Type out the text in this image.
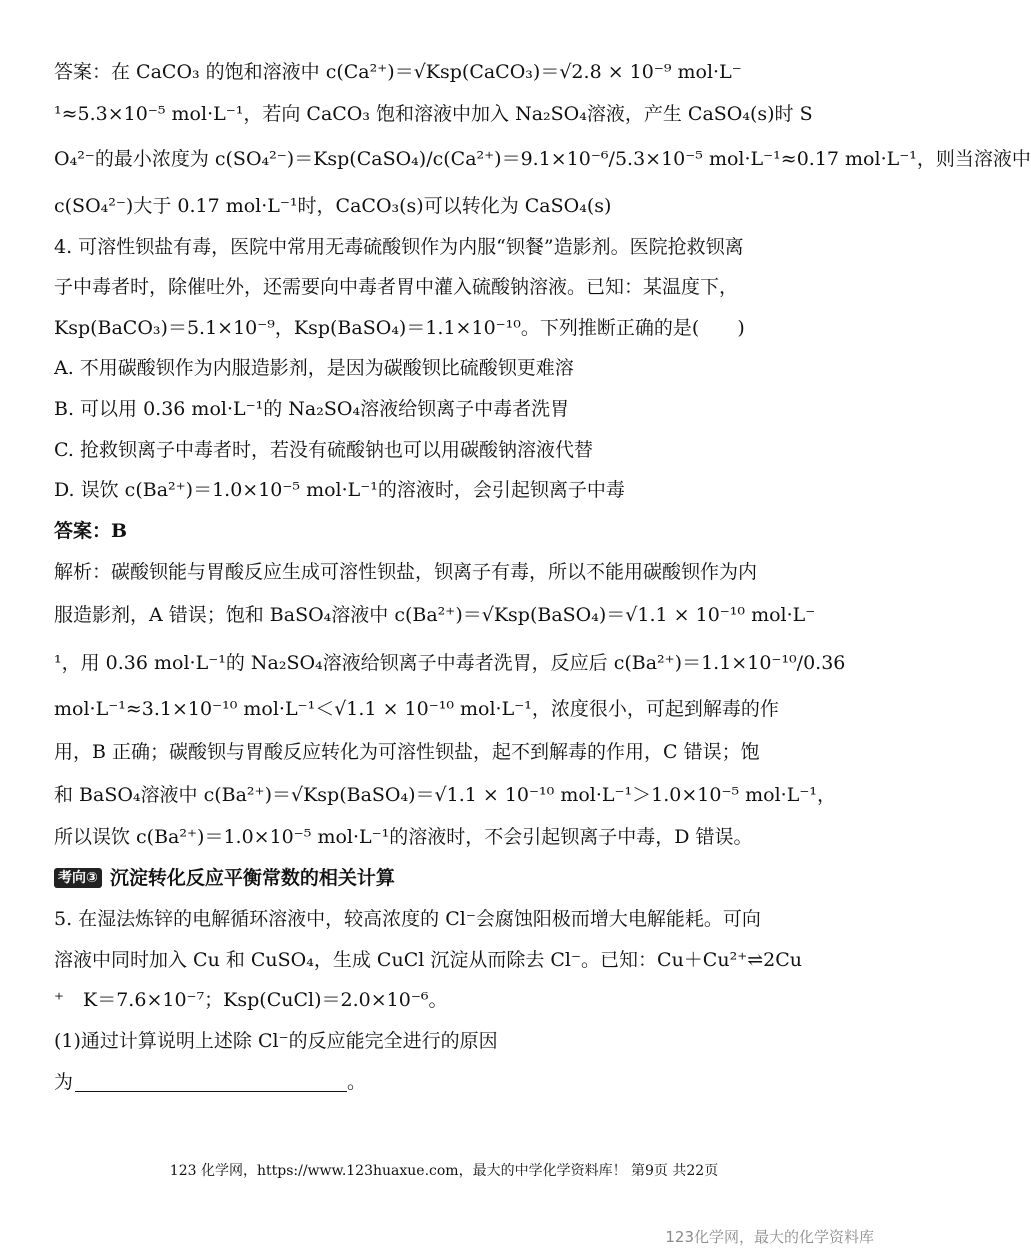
答案：在 CaCO₃ 的饱和溶液中 c(Ca²⁺)＝√Ksp(CaCO₃)＝√2.8 × 10⁻⁹ mol·L⁻
¹≈5.3×10⁻⁵ mol·L⁻¹，若向 CaCO₃ 饱和溶液中加入 Na₂SO₄溶液，产生 CaSO₄(s)时 S
O₄²⁻的最小浓度为 c(SO₄²⁻)＝Ksp(CaSO₄)/c(Ca²⁺)＝9.1×10⁻⁶/5.3×10⁻⁵ mol·L⁻¹≈0.17 mol·L⁻¹，则当溶液中
c(SO₄²⁻)大于 0.17 mol·L⁻¹时，CaCO₃(s)可以转化为 CaSO₄(s)
4. 可溶性钡盐有毒，医院中常用无毒硫酸钡作为内服“钡餐”造影剂。医院抢救钡离
子中毒者时，除催吐外，还需要向中毒者胃中灌入硫酸钠溶液。已知：某温度下，
Ksp(BaCO₃)＝5.1×10⁻⁹，Ksp(BaSO₄)＝1.1×10⁻¹⁰。下列推断正确的是(　　)
A. 不用碳酸钡作为内服造影剂，是因为碳酸钡比硫酸钡更难溶
B. 可以用 0.36 mol·L⁻¹的 Na₂SO₄溶液给钡离子中毒者洗胃
C. 抢救钡离子中毒者时，若没有硫酸钠也可以用碳酸钠溶液代替
D. 误饮 c(Ba²⁺)＝1.0×10⁻⁵ mol·L⁻¹的溶液时，会引起钡离子中毒
答案：B
解析：碳酸钡能与胃酸反应生成可溶性钡盐，钡离子有毒，所以不能用碳酸钡作为内
服造影剂，A 错误；饱和 BaSO₄溶液中 c(Ba²⁺)＝√Ksp(BaSO₄)＝√1.1 × 10⁻¹⁰ mol·L⁻
¹，用 0.36 mol·L⁻¹的 Na₂SO₄溶液给钡离子中毒者洗胃，反应后 c(Ba²⁺)＝1.1×10⁻¹⁰/0.36
mol·L⁻¹≈3.1×10⁻¹⁰ mol·L⁻¹＜√1.1 × 10⁻¹⁰ mol·L⁻¹，浓度很小，可起到解毒的作
用，B 正确；碳酸钡与胃酸反应转化为可溶性钡盐，起不到解毒的作用，C 错误；饱
和 BaSO₄溶液中 c(Ba²⁺)＝√Ksp(BaSO₄)＝√1.1 × 10⁻¹⁰ mol·L⁻¹＞1.0×10⁻⁵ mol·L⁻¹，
所以误饮 c(Ba²⁺)＝1.0×10⁻⁵ mol·L⁻¹的溶液时，不会引起钡离子中毒，D 错误。
考向③ 沉淀转化反应平衡常数的相关计算
5. 在湿法炼锌的电解循环溶液中，较高浓度的 Cl⁻会腐蚀阳极而增大电解能耗。可向
溶液中同时加入 Cu 和 CuSO₄，生成 CuCl 沉淀从而除去 Cl⁻。已知：Cu＋Cu²⁺⇌2Cu
⁺　K＝7.6×10⁻⁷；Ksp(CuCl)＝2.0×10⁻⁶。
(1)通过计算说明上述除 Cl⁻的反应能完全进行的原因
为	。
123 化学网，https://www.123huaxue.com，最大的中学化学资料库！ 第9页 共22页
123化学网，最大的化学资料库
